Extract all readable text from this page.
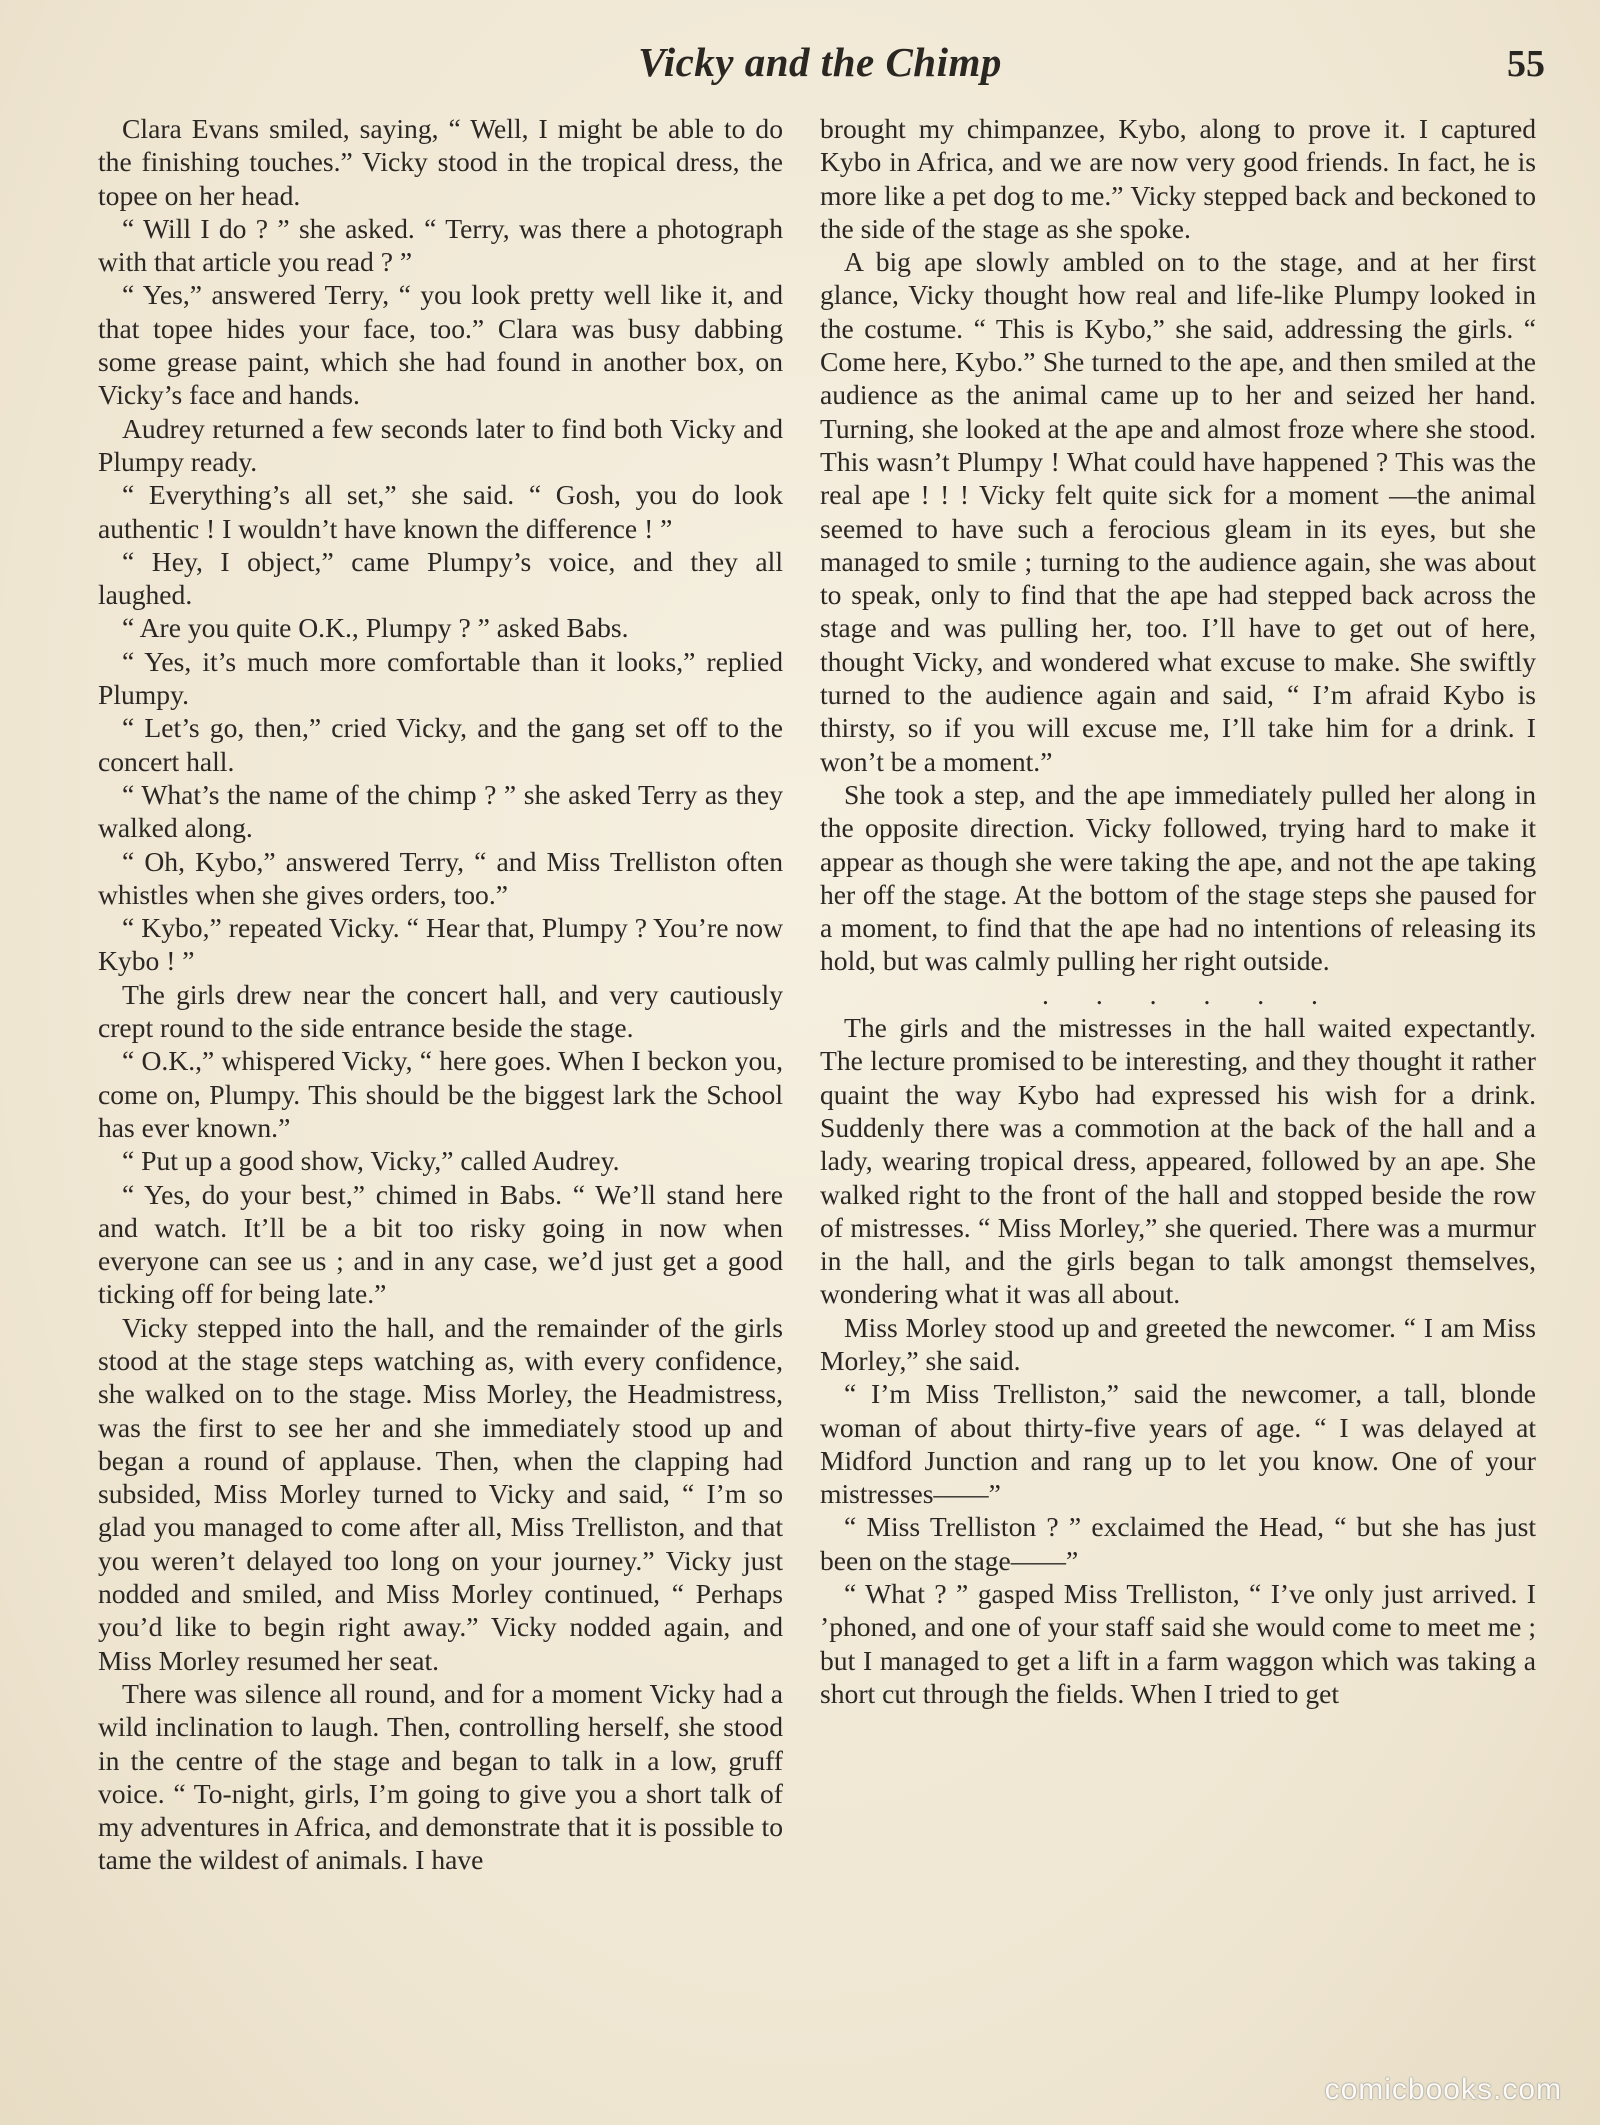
Vicky and the Chimp	55

Clara Evans smiled, saying, “ Well, I might be able to do the finishing touches.” Vicky stood in the tropical dress, the topee on her head.

“ Will I do ? ” she asked. “ Terry, was there a photograph with that article you read ? ”

“ Yes,” answered Terry, “ you look pretty well like it, and that topee hides your face, too.” Clara was busy dabbing some grease paint, which she had found in another box, on Vicky’s face and hands.

Audrey returned a few seconds later to find both Vicky and Plumpy ready.

“ Everything’s all set,” she said. “ Gosh, you do look authentic ! I wouldn’t have known the difference ! ”

“ Hey, I object,” came Plumpy’s voice, and they all laughed.

“ Are you quite O.K., Plumpy ? ” asked Babs.

“ Yes, it’s much more comfortable than it looks,” replied Plumpy.

“ Let’s go, then,” cried Vicky, and the gang set off to the concert hall.

“ What’s the name of the chimp ? ” she asked Terry as they walked along.

“ Oh, Kybo,” answered Terry, “ and Miss Trelliston often whistles when she gives orders, too.”

“ Kybo,” repeated Vicky. “ Hear that, Plumpy ? You’re now Kybo ! ”

The girls drew near the concert hall, and very cautiously crept round to the side entrance beside the stage.

“ O.K.,” whispered Vicky, “ here goes. When I beckon you, come on, Plumpy. This should be the biggest lark the School has ever known.”

“ Put up a good show, Vicky,” called Audrey.

“ Yes, do your best,” chimed in Babs. “ We’ll stand here and watch. It’ll be a bit too risky going in now when everyone can see us ; and in any case, we’d just get a good ticking off for being late.”

Vicky stepped into the hall, and the remainder of the girls stood at the stage steps watching as, with every confidence, she walked on to the stage. Miss Morley, the Headmistress, was the first to see her and she immediately stood up and began a round of applause. Then, when the clapping had subsided, Miss Morley turned to Vicky and said, “ I’m so glad you managed to come after all, Miss Trelliston, and that you weren’t delayed too long on your journey.” Vicky just nodded and smiled, and Miss Morley continued, “ Perhaps you’d like to begin right away.” Vicky nodded again, and Miss Morley resumed her seat.

There was silence all round, and for a moment Vicky had a wild inclination to laugh. Then, controlling herself, she stood in the centre of the stage and began to talk in a low, gruff voice. “ To-night, girls, I’m going to give you a short talk of my adventures in Africa, and demonstrate that it is possible to tame the wildest of animals. I have

brought my chimpanzee, Kybo, along to prove it. I captured Kybo in Africa, and we are now very good friends. In fact, he is more like a pet dog to me.” Vicky stepped back and beckoned to the side of the stage as she spoke.

A big ape slowly ambled on to the stage, and at her first glance, Vicky thought how real and life-like Plumpy looked in the costume. “ This is Kybo,” she said, addressing the girls. “ Come here, Kybo.” She turned to the ape, and then smiled at the audience as the animal came up to her and seized her hand. Turning, she looked at the ape and almost froze where she stood. This wasn’t Plumpy ! What could have happened ? This was the real ape ! ! ! Vicky felt quite sick for a moment —the animal seemed to have such a ferocious gleam in its eyes, but she managed to smile ; turning to the audience again, she was about to speak, only to find that the ape had stepped back across the stage and was pulling her, too. I’ll have to get out of here, thought Vicky, and wondered what excuse to make. She swiftly turned to the audience again and said, “ I’m afraid Kybo is thirsty, so if you will excuse me, I’ll take him for a drink. I won’t be a moment.”

She took a step, and the ape immediately pulled her along in the opposite direction. Vicky followed, trying hard to make it appear as though she were taking the ape, and not the ape taking her off the stage. At the bottom of the stage steps she paused for a moment, to find that the ape had no intentions of releasing its hold, but was calmly pulling her right outside.

. . . . . .

The girls and the mistresses in the hall waited expectantly. The lecture promised to be interesting, and they thought it rather quaint the way Kybo had expressed his wish for a drink. Suddenly there was a commotion at the back of the hall and a lady, wearing tropical dress, appeared, followed by an ape. She walked right to the front of the hall and stopped beside the row of mistresses. “ Miss Morley,” she queried. There was a murmur in the hall, and the girls began to talk amongst themselves, wondering what it was all about.

Miss Morley stood up and greeted the newcomer. “ I am Miss Morley,” she said.

“ I’m Miss Trelliston,” said the newcomer, a tall, blonde woman of about thirty-five years of age. “ I was delayed at Midford Junction and rang up to let you know. One of your mistresses——”

“ Miss Trelliston ? ” exclaimed the Head, “ but she has just been on the stage——”

“ What ? ” gasped Miss Trelliston, “ I’ve only just arrived. I ’phoned, and one of your staff said she would come to meet me ; but I managed to get a lift in a farm waggon which was taking a short cut through the fields. When I tried to get

comicbooks.com
